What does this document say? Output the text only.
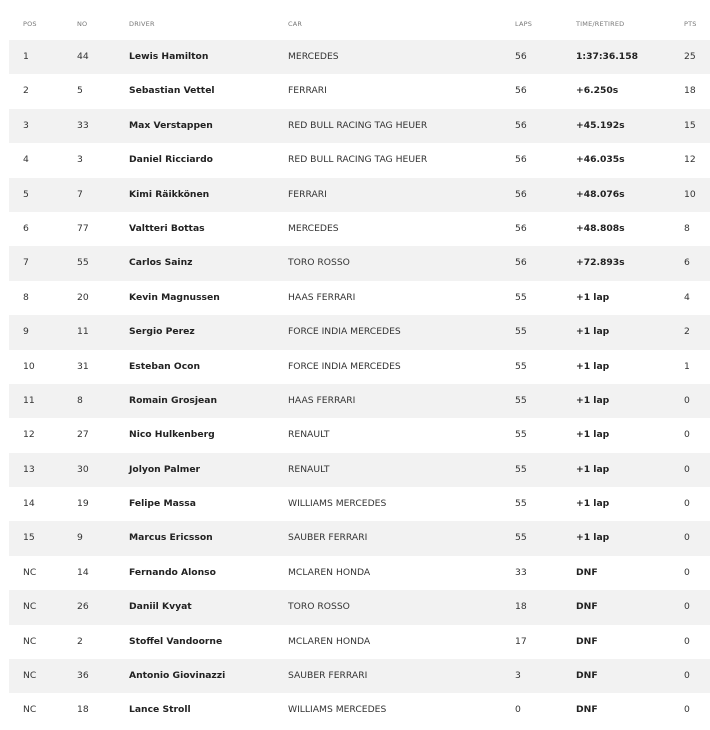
POS	NO	DRIVER	CAR	LAPS	TIME/RETIRED	PTS
1	44	Lewis Hamilton	MERCEDES	56	1:37:36.158	25
2	5	Sebastian Vettel	FERRARI	56	+6.250s	18
3	33	Max Verstappen	RED BULL RACING TAG HEUER	56	+45.192s	15
4	3	Daniel Ricciardo	RED BULL RACING TAG HEUER	56	+46.035s	12
5	7	Kimi Räikkönen	FERRARI	56	+48.076s	10
6	77	Valtteri Bottas	MERCEDES	56	+48.808s	8
7	55	Carlos Sainz	TORO ROSSO	56	+72.893s	6
8	20	Kevin Magnussen	HAAS FERRARI	55	+1 lap	4
9	11	Sergio Perez	FORCE INDIA MERCEDES	55	+1 lap	2
10	31	Esteban Ocon	FORCE INDIA MERCEDES	55	+1 lap	1
11	8	Romain Grosjean	HAAS FERRARI	55	+1 lap	0
12	27	Nico Hulkenberg	RENAULT	55	+1 lap	0
13	30	Jolyon Palmer	RENAULT	55	+1 lap	0
14	19	Felipe Massa	WILLIAMS MERCEDES	55	+1 lap	0
15	9	Marcus Ericsson	SAUBER FERRARI	55	+1 lap	0
NC	14	Fernando Alonso	MCLAREN HONDA	33	DNF	0
NC	26	Daniil Kvyat	TORO ROSSO	18	DNF	0
NC	2	Stoffel Vandoorne	MCLAREN HONDA	17	DNF	0
NC	36	Antonio Giovinazzi	SAUBER FERRARI	3	DNF	0
NC	18	Lance Stroll	WILLIAMS MERCEDES	0	DNF	0
